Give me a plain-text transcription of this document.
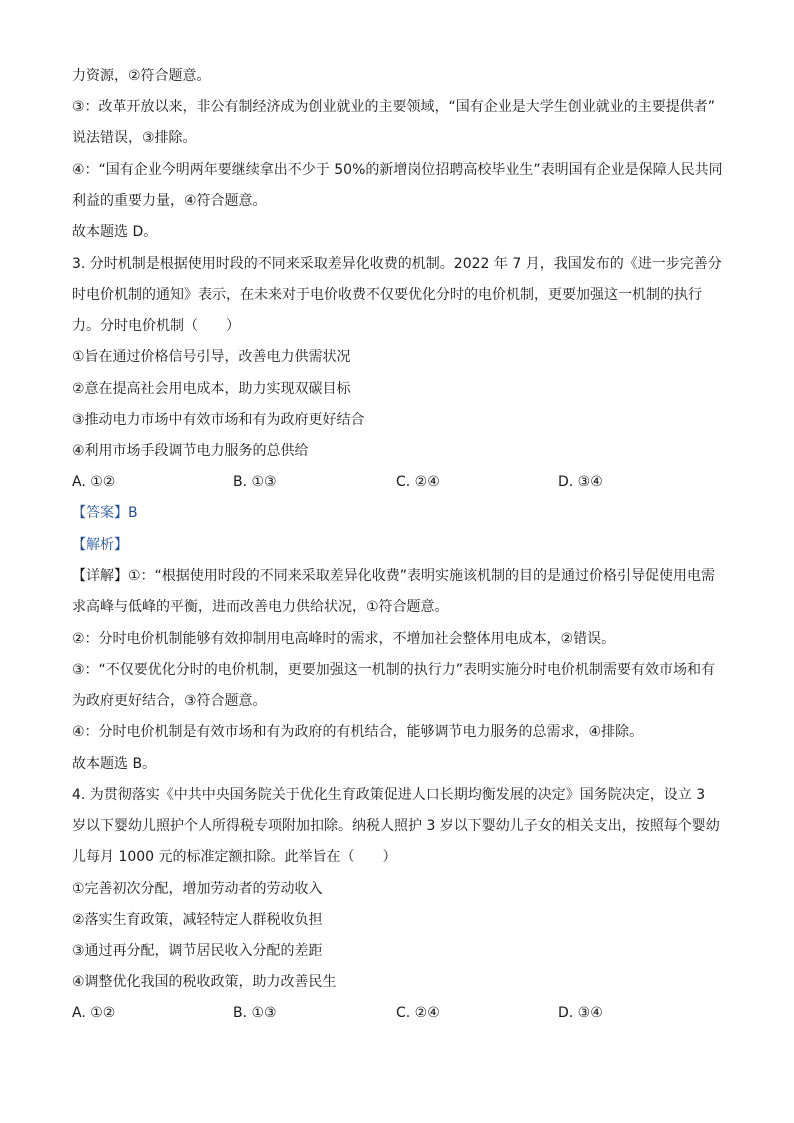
力资源，②符合题意。
③：改革开放以来，非公有制经济成为创业就业的主要领域，“国有企业是大学生创业就业的主要提供者”
说法错误，③排除。
④：“国有企业今明两年要继续拿出不少于 50%的新增岗位招聘高校毕业生”表明国有企业是保障人民共同
利益的重要力量，④符合题意。
故本题选 D。
3. 分时机制是根据使用时段的不同来采取差异化收费的机制。2022 年 7 月，我国发布的《进一步完善分
时电价机制的通知》表示，在未来对于电价收费不仅要优化分时的电价机制，更要加强这一机制的执行
力。分时电价机制（　　）
①旨在通过价格信号引导，改善电力供需状况
②意在提高社会用电成本，助力实现双碳目标
③推动电力市场中有效市场和有为政府更好结合
④利用市场手段调节电力服务的总供给
A. ①②	B. ①③	C. ②④	D. ③④
【答案】B
【解析】
【详解】①：“根据使用时段的不同来采取差异化收费”表明实施该机制的目的是通过价格引导促使用电需
求高峰与低峰的平衡，进而改善电力供给状况，①符合题意。
②：分时电价机制能够有效抑制用电高峰时的需求，不增加社会整体用电成本，②错误。
③：“不仅要优化分时的电价机制，更要加强这一机制的执行力”表明实施分时电价机制需要有效市场和有
为政府更好结合，③符合题意。
④：分时电价机制是有效市场和有为政府的有机结合，能够调节电力服务的总需求，④排除。
故本题选 B。
4. 为贯彻落实《中共中央国务院关于优化生育政策促进人口长期均衡发展的决定》国务院决定，设立 3
岁以下婴幼儿照护个人所得税专项附加扣除。纳税人照护 3 岁以下婴幼儿子女的相关支出，按照每个婴幼
儿每月 1000 元的标准定额扣除。此举旨在（　　）
①完善初次分配，增加劳动者的劳动收入
②落实生育政策，减轻特定人群税收负担
③通过再分配，调节居民收入分配的差距
④调整优化我国的税收政策，助力改善民生
A. ①②	B. ①③	C. ②④	D. ③④
